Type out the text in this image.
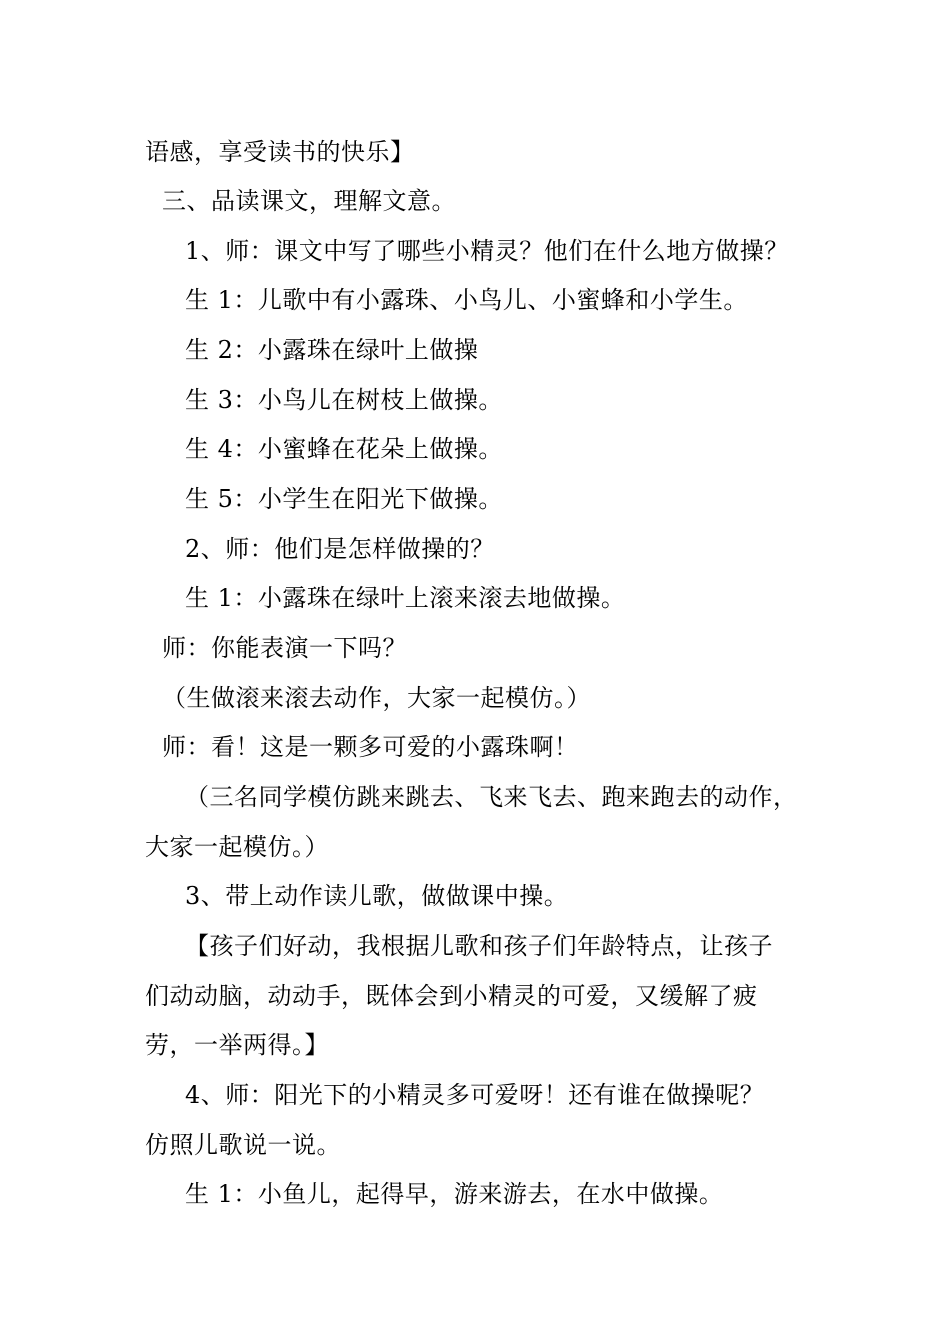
语感，享受读书的快乐】
三、品读课文，理解文意。
1、师：课文中写了哪些小精灵？他们在什么地方做操？
生 1：儿歌中有小露珠、小鸟儿、小蜜蜂和小学生。
生 2：小露珠在绿叶上做操
生 3：小鸟儿在树枝上做操。
生 4：小蜜蜂在花朵上做操。
生 5：小学生在阳光下做操。
2、师：他们是怎样做操的？
生 1：小露珠在绿叶上滚来滚去地做操。
师：你能表演一下吗？
（生做滚来滚去动作，大家一起模仿。）
师：看！这是一颗多可爱的小露珠啊！
（三名同学模仿跳来跳去、飞来飞去、跑来跑去的动作，
大家一起模仿。）
3、带上动作读儿歌，做做课中操。
【孩子们好动，我根据儿歌和孩子们年龄特点，让孩子
们动动脑，动动手，既体会到小精灵的可爱，又缓解了疲
劳，一举两得。】
4、师：阳光下的小精灵多可爱呀！还有谁在做操呢？
仿照儿歌说一说。
生 1：小鱼儿，起得早，游来游去，在水中做操。
